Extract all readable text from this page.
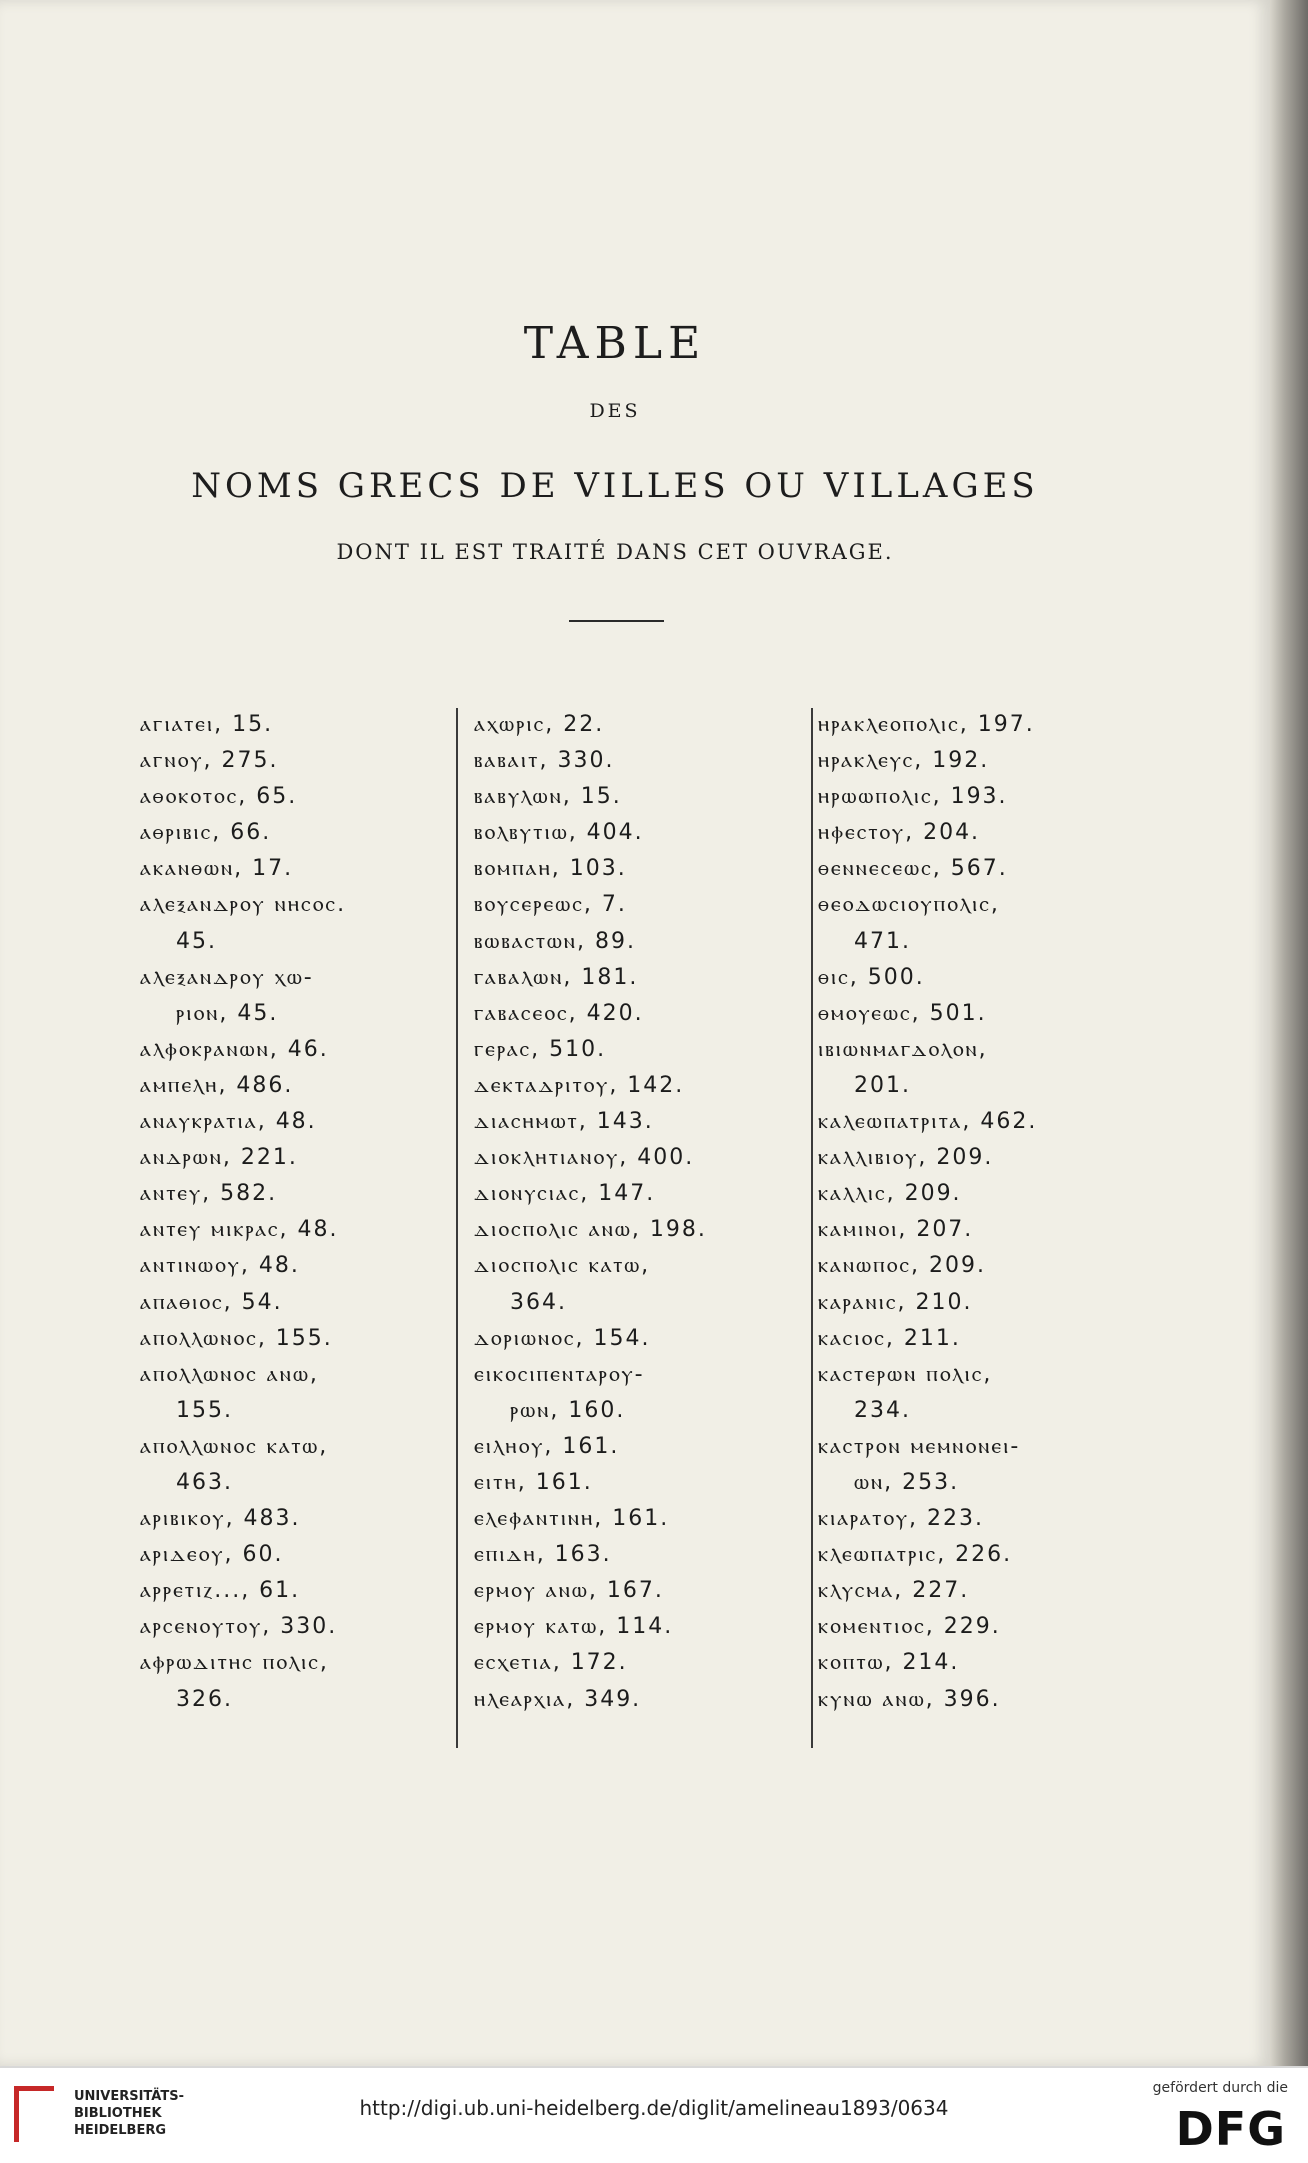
TABLE
DES
NOMS GRECS DE VILLES OU VILLAGES
DONT IL EST TRAITÉ DANS CET OUVRAGE.
ⲁⲅⲓⲁⲧⲉⲓ, 15.
ⲁⲅⲛⲟⲩ, 275.
ⲁⲑⲟⲕⲟⲧⲟⲥ, 65.
ⲁⲑⲣⲓⲃⲓⲥ, 66.
ⲁⲕⲁⲛⲑⲱⲛ, 17.
ⲁⲗⲉⲝⲁⲛⲇⲣⲟⲩ ⲛⲏⲥⲟⲥ.
45.
ⲁⲗⲉⲝⲁⲛⲇⲣⲟⲩ ⲭⲱ-
ⲣⲓⲟⲛ, 45.
ⲁⲗⲫⲟⲕⲣⲁⲛⲱⲛ, 46.
ⲁⲙⲡⲉⲗⲏ, 486.
ⲁⲛⲁⲩⲕⲣⲁⲧⲓⲁ, 48.
ⲁⲛⲇⲣⲱⲛ, 221.
ⲁⲛⲧⲉⲩ, 582.
ⲁⲛⲧⲉⲩ ⲙⲓⲕⲣⲁⲥ, 48.
ⲁⲛⲧⲓⲛⲱⲟⲩ, 48.
ⲁⲡⲁⲑⲓⲟⲥ, 54.
ⲁⲡⲟⲗⲗⲱⲛⲟⲥ, 155.
ⲁⲡⲟⲗⲗⲱⲛⲟⲥ ⲁⲛⲱ,
155.
ⲁⲡⲟⲗⲗⲱⲛⲟⲥ ⲕⲁⲧⲱ,
463.
ⲁⲣⲓⲃⲓⲕⲟⲩ, 483.
ⲁⲣⲓⲇⲉⲟⲩ, 60.
ⲁⲣⲣⲉⲧⲓⲍ..., 61.
ⲁⲣⲥⲉⲛⲟⲩⲧⲟⲩ, 330.
ⲁⲫⲣⲱⲇⲓⲧⲏⲥ ⲡⲟⲗⲓⲥ,
326.
ⲁⲭⲱⲣⲓⲥ, 22.
ⲃⲁⲃⲁⲓⲧ, 330.
ⲃⲁⲃⲩⲗⲱⲛ, 15.
ⲃⲟⲗⲃⲩⲧⲓⲱ, 404.
ⲃⲟⲙⲡⲁⲏ, 103.
ⲃⲟⲩⲥⲉⲣⲉⲱⲥ, 7.
ⲃⲱⲃⲁⲥⲧⲱⲛ, 89.
ⲅⲁⲃⲁⲗⲱⲛ, 181.
ⲅⲁⲃⲁⲥⲉⲟⲥ, 420.
ⲅⲉⲣⲁⲥ, 510.
ⲇⲉⲕⲧⲁⲇⲣⲓⲧⲟⲩ, 142.
ⲇⲓⲁⲥⲏⲙⲱⲧ, 143.
ⲇⲓⲟⲕⲗⲏⲧⲓⲁⲛⲟⲩ, 400.
ⲇⲓⲟⲛⲩⲥⲓⲁⲥ, 147.
ⲇⲓⲟⲥⲡⲟⲗⲓⲥ ⲁⲛⲱ, 198.
ⲇⲓⲟⲥⲡⲟⲗⲓⲥ ⲕⲁⲧⲱ,
364.
ⲇⲟⲣⲓⲱⲛⲟⲥ, 154.
ⲉⲓⲕⲟⲥⲓⲡⲉⲛⲧⲁⲣⲟⲩ-
ⲣⲱⲛ, 160.
ⲉⲓⲗⲏⲟⲩ, 161.
ⲉⲓⲧⲏ, 161.
ⲉⲗⲉⲫⲁⲛⲧⲓⲛⲏ, 161.
ⲉⲡⲓⲇⲏ, 163.
ⲉⲣⲙⲟⲩ ⲁⲛⲱ, 167.
ⲉⲣⲙⲟⲩ ⲕⲁⲧⲱ, 114.
ⲉⲥⲭⲉⲧⲓⲁ, 172.
ⲏⲗⲉⲁⲣⲭⲓⲁ, 349.
ⲏⲣⲁⲕⲗⲉⲟⲡⲟⲗⲓⲥ, 197.
ⲏⲣⲁⲕⲗⲉⲩⲥ, 192.
ⲏⲣⲱⲱⲡⲟⲗⲓⲥ, 193.
ⲏⲫⲉⲥⲧⲟⲩ, 204.
ⲑⲉⲛⲛⲉⲥⲉⲱⲥ, 567.
ⲑⲉⲟⲇⲱⲥⲓⲟⲩⲡⲟⲗⲓⲥ,
471.
ⲑⲓⲥ, 500.
ⲑⲙⲟⲩⲉⲱⲥ, 501.
ⲓⲃⲓⲱⲛⲙⲁⲅⲇⲟⲗⲟⲛ,
201.
ⲕⲁⲗⲉⲱⲡⲁⲧⲣⲓⲧⲁ, 462.
ⲕⲁⲗⲗⲓⲃⲓⲟⲩ, 209.
ⲕⲁⲗⲗⲓⲥ, 209.
ⲕⲁⲙⲓⲛⲟⲓ, 207.
ⲕⲁⲛⲱⲡⲟⲥ, 209.
ⲕⲁⲣⲁⲛⲓⲥ, 210.
ⲕⲁⲥⲓⲟⲥ, 211.
ⲕⲁⲥⲧⲉⲣⲱⲛ ⲡⲟⲗⲓⲥ,
234.
ⲕⲁⲥⲧⲣⲟⲛ ⲙⲉⲙⲛⲟⲛⲉⲓ-
ⲱⲛ, 253.
ⲕⲓⲁⲣⲁⲧⲟⲩ, 223.
ⲕⲗⲉⲱⲡⲁⲧⲣⲓⲥ, 226.
ⲕⲗⲩⲥⲙⲁ, 227.
ⲕⲟⲙⲉⲛⲧⲓⲟⲥ, 229.
ⲕⲟⲡⲧⲱ, 214.
ⲕⲩⲛⲱ ⲁⲛⲱ, 396.
UNIVERSITÄTS-
BIBLIOTHEK
HEIDELBERG
http://digi.ub.uni-heidelberg.de/diglit/amelineau1893/0634
gefördert durch die
DFG
